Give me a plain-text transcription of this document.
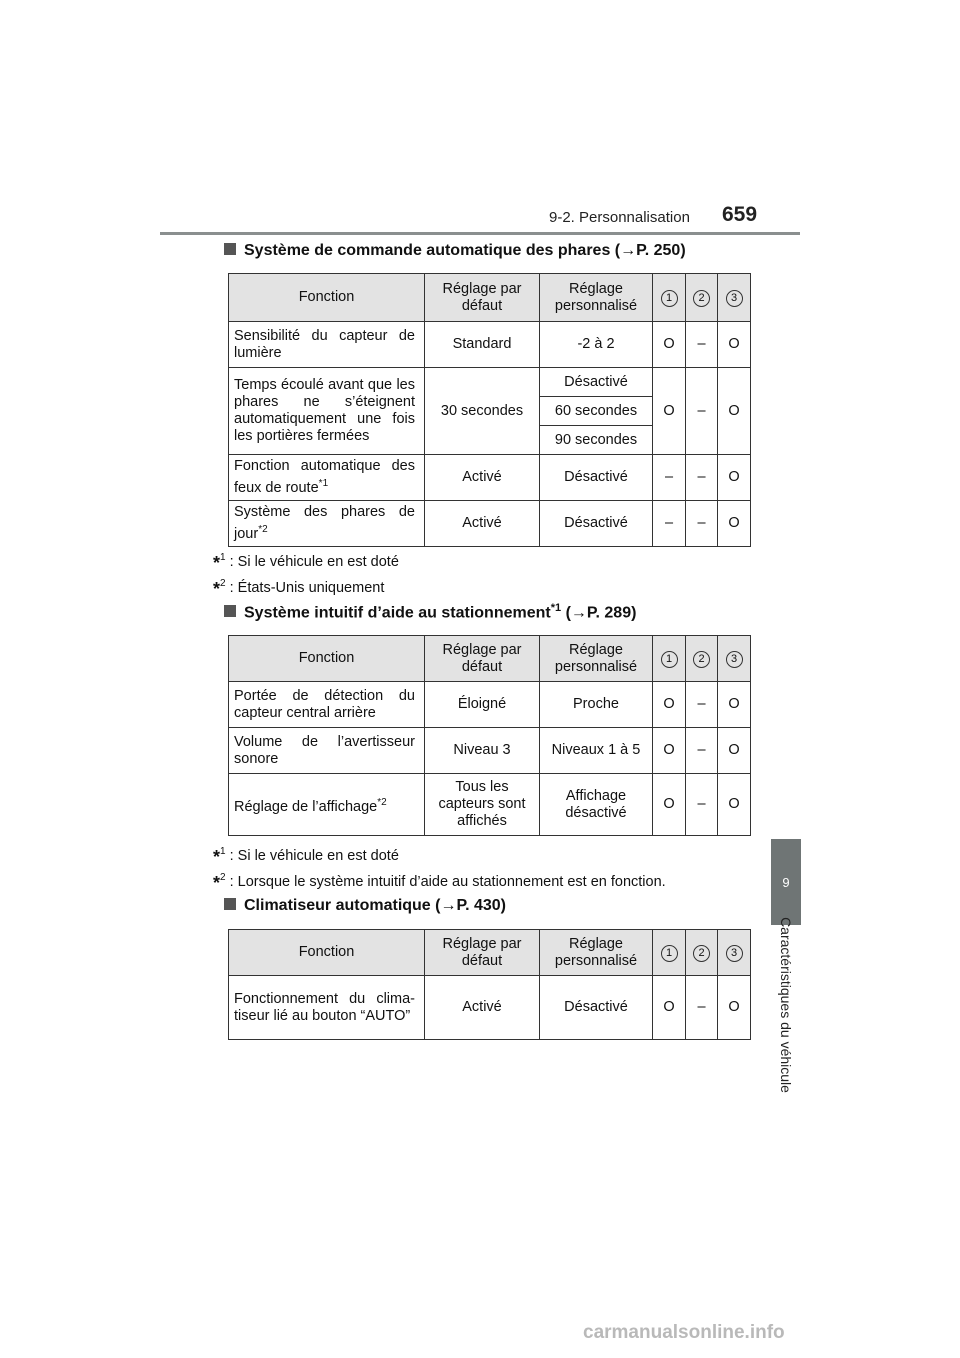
9-2. Personnalisation 659
9
Caractéristiques du véhicule
Système de commande automatique des phares (→P. 250)
Fonction	Réglage par défaut	Réglage personnalisé	1	2	3
Sensibilité du capteur de lumière	Standard	-2 à 2	O	–	O
Temps écoulé avant que les phares ne s’éteignent automatiquement une fois les portières fermées	30 secondes	Désactivé	O	–	O
		60 secondes			
		90 secondes			
Fonction automatique des feux de route$^{*1}$	Activé	Désactivé	–	–	O
Système des phares de jour$^{*2}$	Activé	Désactivé	–	–	O
*$^1$ : Si le véhicule en est doté
*$^2$ : États-Unis uniquement
Système intuitif d’aide au stationnement$^{*1}$ (→P. 289)
Fonction	Réglage par défaut	Réglage personnalisé	1	2	3
Portée de détection du capteur central arrière	Éloigné	Proche	O	–	O
Volume de l’avertisseur sonore	Niveau 3	Niveaux 1 à 5	O	–	O
Réglage de l’affichage$^{*2}$	Tous les capteurs sont affichés	Affichage désactivé	O	–	O
*$^1$ : Si le véhicule en est doté
*$^2$ : Lorsque le système intuitif d’aide au stationnement est en fonction.
Climatiseur automatique (→P. 430)
Fonction	Réglage par défaut	Réglage personnalisé	1	2	3
Fonctionnement du clima-tiseur lié au bouton “AUTO”	Activé	Désactivé	O	–	O
carmanualsonline.info
